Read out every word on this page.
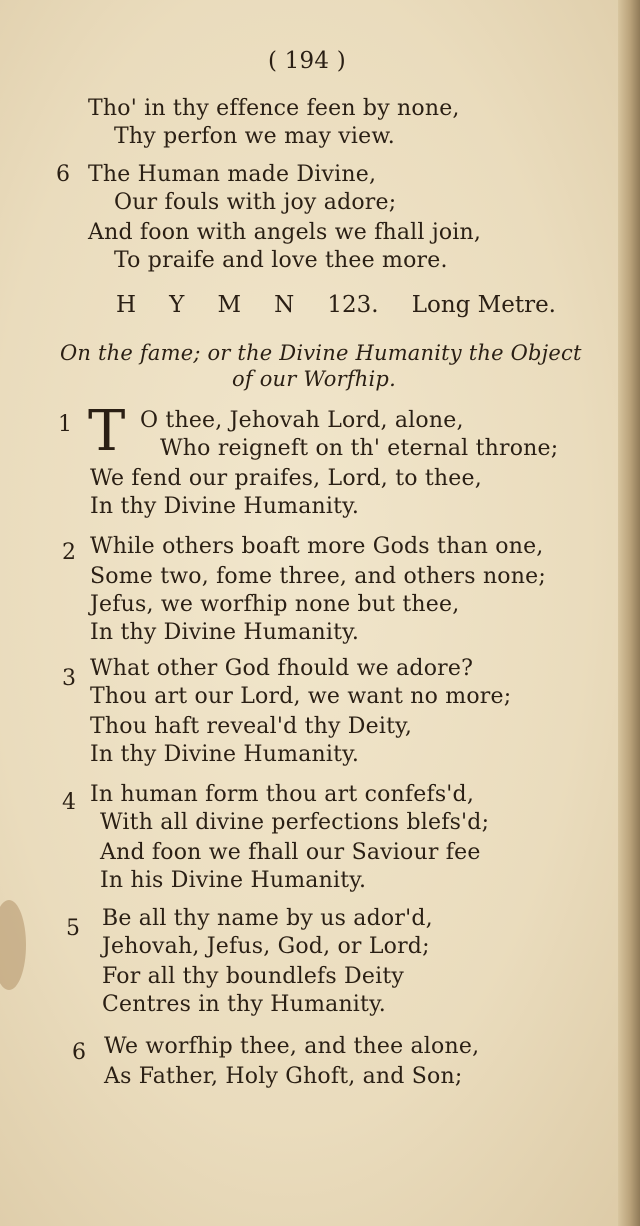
( 194 )
Tho' in thy effence feen by none,
Thy perfon we may view.
6 The Human made Divine,
Our fouls with joy adore;
And foon with angels we fhall join,
To praife and love thee more.
H Y M N 123. Long Metre.
On the fame; or the Divine Humanity the Object
of our Worfhip.
1 T O thee, Jehovah Lord, alone,
Who reigneft on th' eternal throne;
We fend our praifes, Lord, to thee,
In thy Divine Humanity.
2 While others boaft more Gods than one,
Some two, fome three, and others none;
Jefus, we worfhip none but thee,
In thy Divine Humanity.
3 What other God fhould we adore?
Thou art our Lord, we want no more;
Thou haft reveal'd thy Deity,
In thy Divine Humanity.
4 In human form thou art confefs'd,
With all divine perfections blefs'd;
And foon we fhall our Saviour fee
In his Divine Humanity.
5 Be all thy name by us ador'd,
Jehovah, Jefus, God, or Lord;
For all thy boundlefs Deity
Centres in thy Humanity.
6 We worfhip thee, and thee alone,
As Father, Holy Ghoft, and Son;
